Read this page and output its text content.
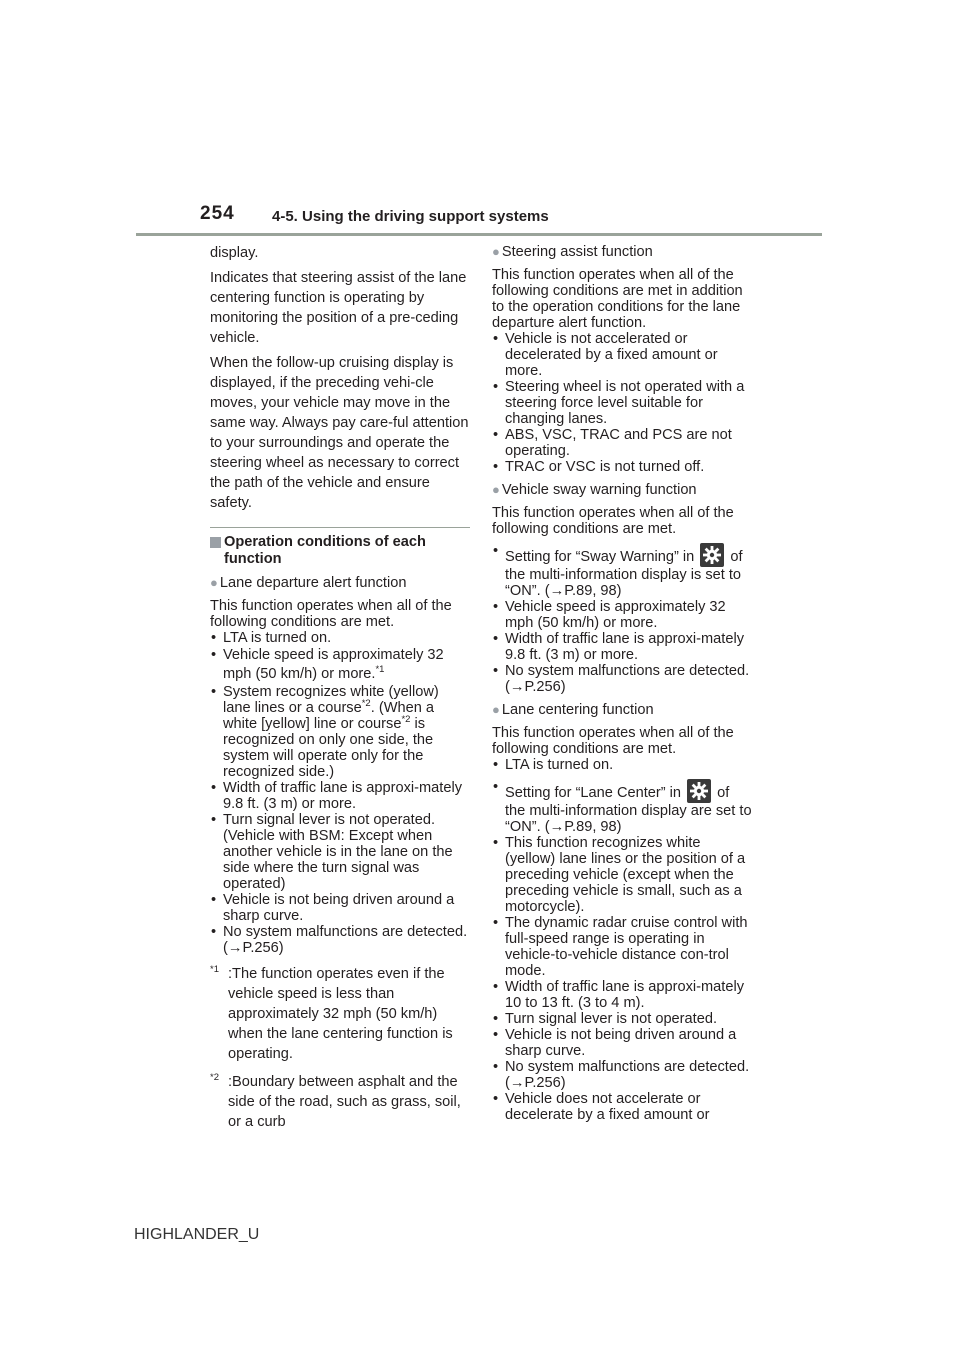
254 4-5. Using the driving support systems

display.

Indicates that steering assist of the lane centering function is operating by monitoring the position of a pre-ceding vehicle.

When the follow-up cruising display is displayed, if the preceding vehi-cle moves, your vehicle may move in the same way. Always pay care-ful attention to your surroundings and operate the steering wheel as necessary to correct the path of the vehicle and ensure safety.

Operation conditions of each function

● Lane departure alert function

This function operates when all of the following conditions are met.

• LTA is turned on.
• Vehicle speed is approximately 32 mph (50 km/h) or more.$^{*1}$
• System recognizes white (yellow) lane lines or a course$^{*2}$. (When a white [yellow] line or course$^{*2}$ is recognized on only one side, the system will operate only for the recognized side.)
• Width of traffic lane is approxi-mately 9.8 ft. (3 m) or more.
• Turn signal lever is not operated. (Vehicle with BSM: Except when another vehicle is in the lane on the side where the turn signal was operated)
• Vehicle is not being driven around a sharp curve.
• No system malfunctions are detected. (→P.256)
$^{*1}$ :The function operates even if the vehicle speed is less than approximately 32 mph (50 km/h) when the lane centering function is operating.
$^{*2}$ :Boundary between asphalt and the side of the road, such as grass, soil, or a curb

● Steering assist function

This function operates when all of the following conditions are met in addition to the operation conditions for the lane departure alert function.

• Vehicle is not accelerated or decelerated by a fixed amount or more.
• Steering wheel is not operated with a steering force level suitable for changing lanes.
• ABS, VSC, TRAC and PCS are not operating.
• TRAC or VSC is not turned off.

● Vehicle sway warning function

This function operates when all of the following conditions are met.

• Setting for “Sway Warning” in of the multi-information display is set to “ON”. (→P.89, 98)
• Vehicle speed is approximately 32 mph (50 km/h) or more.
• Width of traffic lane is approxi-mately 9.8 ft. (3 m) or more.
• No system malfunctions are detected. (→P.256)

● Lane centering function

This function operates when all of the following conditions are met.

• LTA is turned on.
• Setting for “Lane Center” in of the multi-information display are set to “ON”. (→P.89, 98)
• This function recognizes white (yellow) lane lines or the position of a preceding vehicle (except when the preceding vehicle is small, such as a motorcycle).
• The dynamic radar cruise control with full-speed range is operating in vehicle-to-vehicle distance con-trol mode.
• Width of traffic lane is approxi-mately 10 to 13 ft. (3 to 4 m).
• Turn signal lever is not operated.
• Vehicle is not being driven around a sharp curve.
• No system malfunctions are detected. (→P.256)
• Vehicle does not accelerate or decelerate by a fixed amount or
HIGHLANDER_U
